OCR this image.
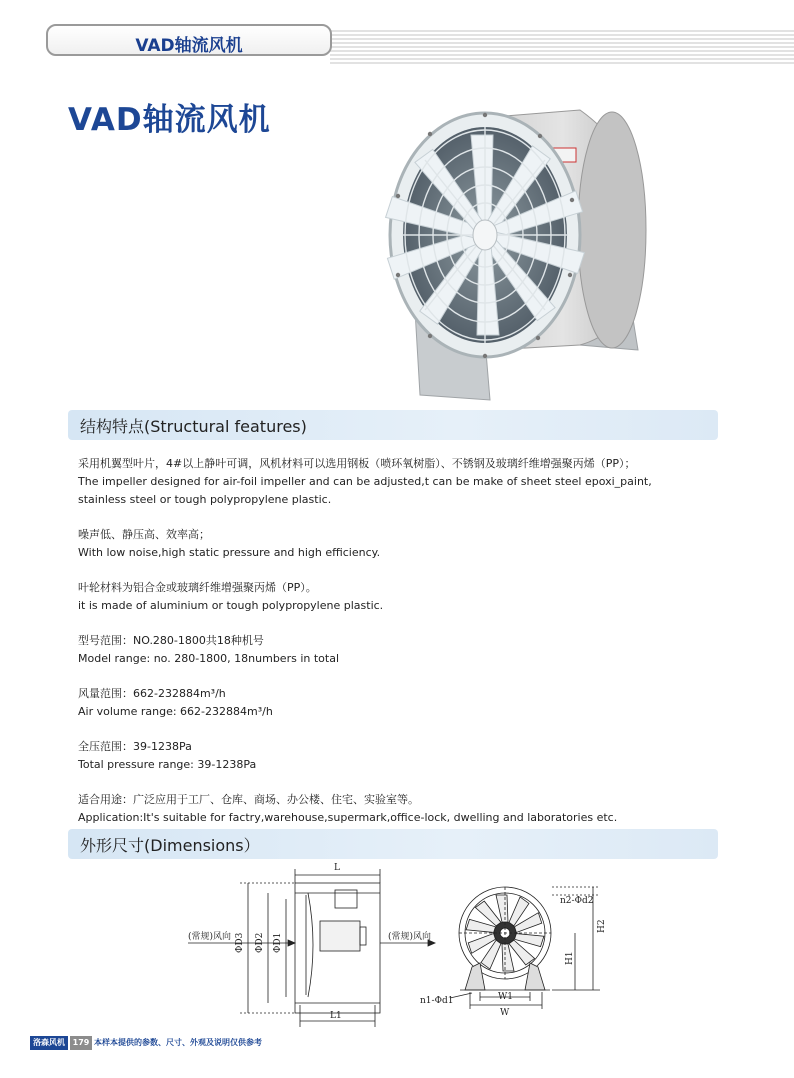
VAD轴流风机
VAD轴流风机
结构特点(Structural features)

采用机翼型叶片，4#以上静叶可调，风机材料可以选用钢板（喷环氧树脂）、不锈钢及玻璃纤维增强聚丙烯（PP）；
The impeller designed for air-foil impeller and can be adjusted,t can be make of sheet steel epoxi_paint,
stainless steel or tough polypropylene plastic.

噪声低、静压高、效率高；
With low noise,high static pressure and high efficiency.

叶轮材料为铝合金或玻璃纤维增强聚丙烯（PP）。
it is made of aluminium or tough polypropylene plastic.

型号范围：NO.280-1800共18种机号
Model range: no. 280-1800, 18numbers in total

风量范围：662-232884m³/h
Air volume range: 662-232884m³/h

全压范围：39-1238Pa
Total pressure range: 39-1238Pa

适合用途：广泛应用于工厂、仓库、商场、办公楼、住宅、实验室等。
Application:It's suitable for factry,warehouse,supermark,office-lock, dwelling and laboratories etc.

外形尺寸(Dimensions）
L
L1
ΦD3 ΦD2 ΦD1
(常规)风向	(常规)风向
n2-Φd2
H1
H2
W1
W
n1-Φd1
洛森风机 179 本样本提供的参数、尺寸、外观及说明仅供参考
